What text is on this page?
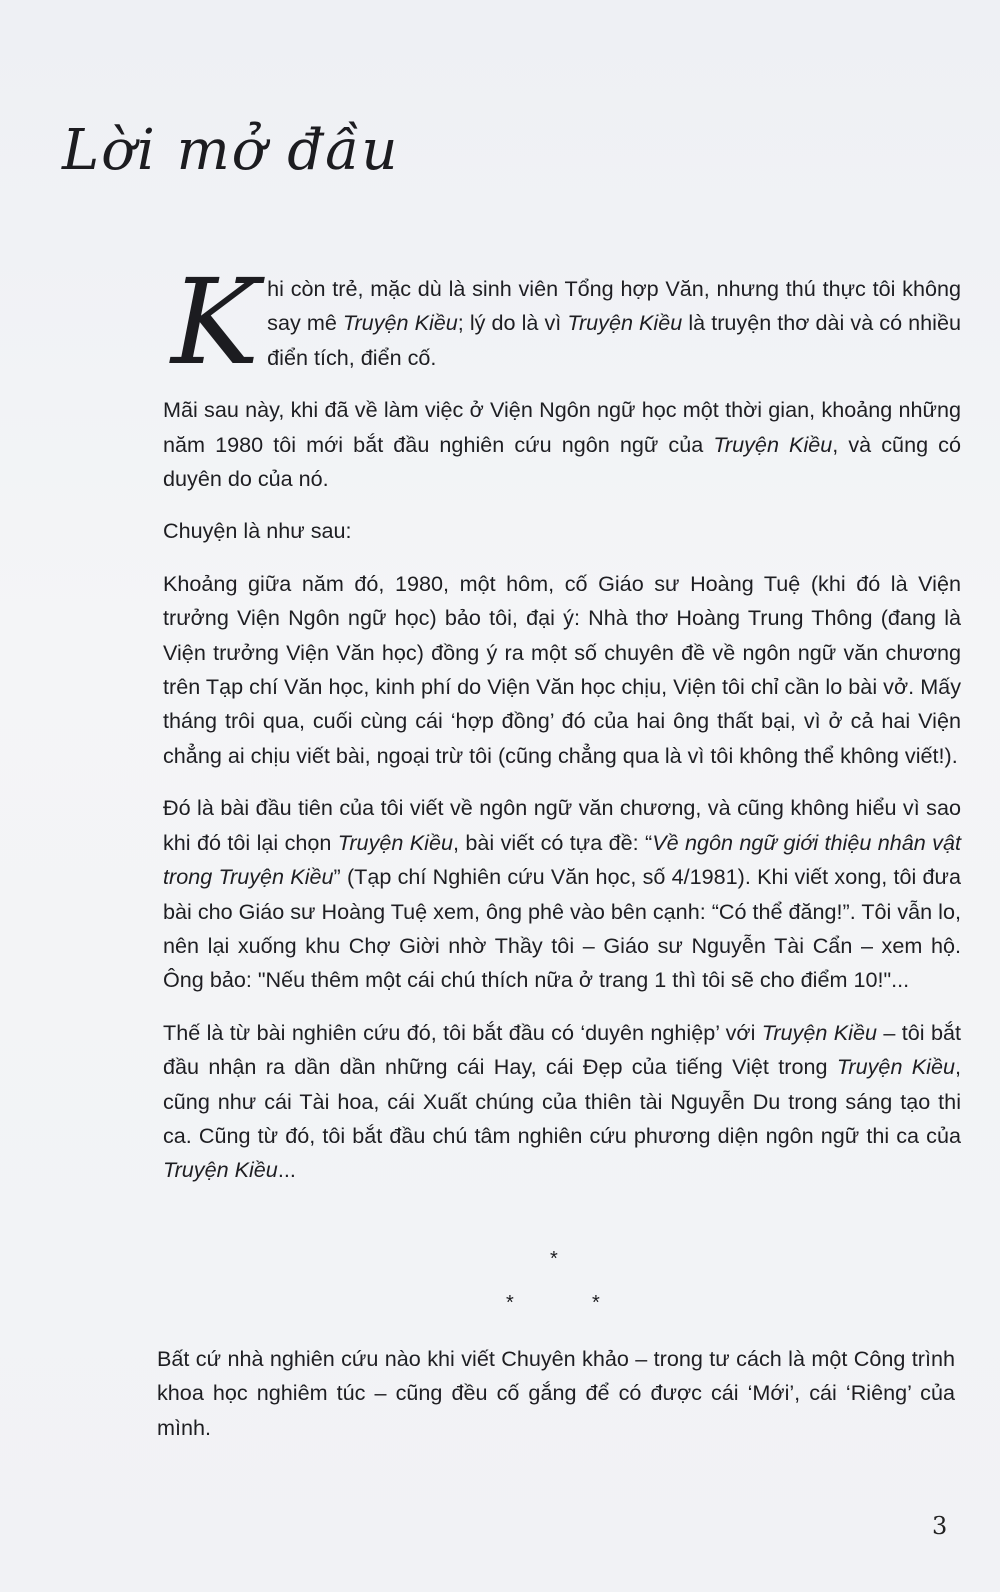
Lời mở đầu

Khi còn trẻ, mặc dù là sinh viên Tổng hợp Văn, nhưng thú thực tôi không say mê Truyện Kiều; lý do là vì Truyện Kiều là truyện thơ dài và có nhiều điển tích, điển cố.

Mãi sau này, khi đã về làm việc ở Viện Ngôn ngữ học một thời gian, khoảng những năm 1980 tôi mới bắt đầu nghiên cứu ngôn ngữ của Truyện Kiều, và cũng có duyên do của nó.

Chuyện là như sau:

Khoảng giữa năm đó, 1980, một hôm, cố Giáo sư Hoàng Tuệ (khi đó là Viện trưởng Viện Ngôn ngữ học) bảo tôi, đại ý: Nhà thơ Hoàng Trung Thông (đang là Viện trưởng Viện Văn học) đồng ý ra một số chuyên đề về ngôn ngữ văn chương trên Tạp chí Văn học, kinh phí do Viện Văn học chịu, Viện tôi chỉ cần lo bài vở. Mấy tháng trôi qua, cuối cùng cái ‘hợp đồng’ đó của hai ông thất bại, vì ở cả hai Viện chẳng ai chịu viết bài, ngoại trừ tôi (cũng chẳng qua là vì tôi không thể không viết!).

Đó là bài đầu tiên của tôi viết về ngôn ngữ văn chương, và cũng không hiểu vì sao khi đó tôi lại chọn Truyện Kiều, bài viết có tựa đề: “Về ngôn ngữ giới thiệu nhân vật trong Truyện Kiều” (Tạp chí Nghiên cứu Văn học, số 4/1981). Khi viết xong, tôi đưa bài cho Giáo sư Hoàng Tuệ xem, ông phê vào bên cạnh: “Có thể đăng!”. Tôi vẫn lo, nên lại xuống khu Chợ Giời nhờ Thầy tôi – Giáo sư Nguyễn Tài Cẩn – xem hộ. Ông bảo: "Nếu thêm một cái chú thích nữa ở trang 1 thì tôi sẽ cho điểm 10!"...

Thế là từ bài nghiên cứu đó, tôi bắt đầu có ‘duyên nghiệp’ với Truyện Kiều – tôi bắt đầu nhận ra dần dần những cái Hay, cái Đẹp của tiếng Việt trong Truyện Kiều, cũng như cái Tài hoa, cái Xuất chúng của thiên tài Nguyễn Du trong sáng tạo thi ca. Cũng từ đó, tôi bắt đầu chú tâm nghiên cứu phương diện ngôn ngữ thi ca của Truyện Kiều...

*
*	*

Bất cứ nhà nghiên cứu nào khi viết Chuyên khảo – trong tư cách là một Công trình khoa học nghiêm túc – cũng đều cố gắng để có được cái ‘Mới’, cái ‘Riêng’ của mình.

3
